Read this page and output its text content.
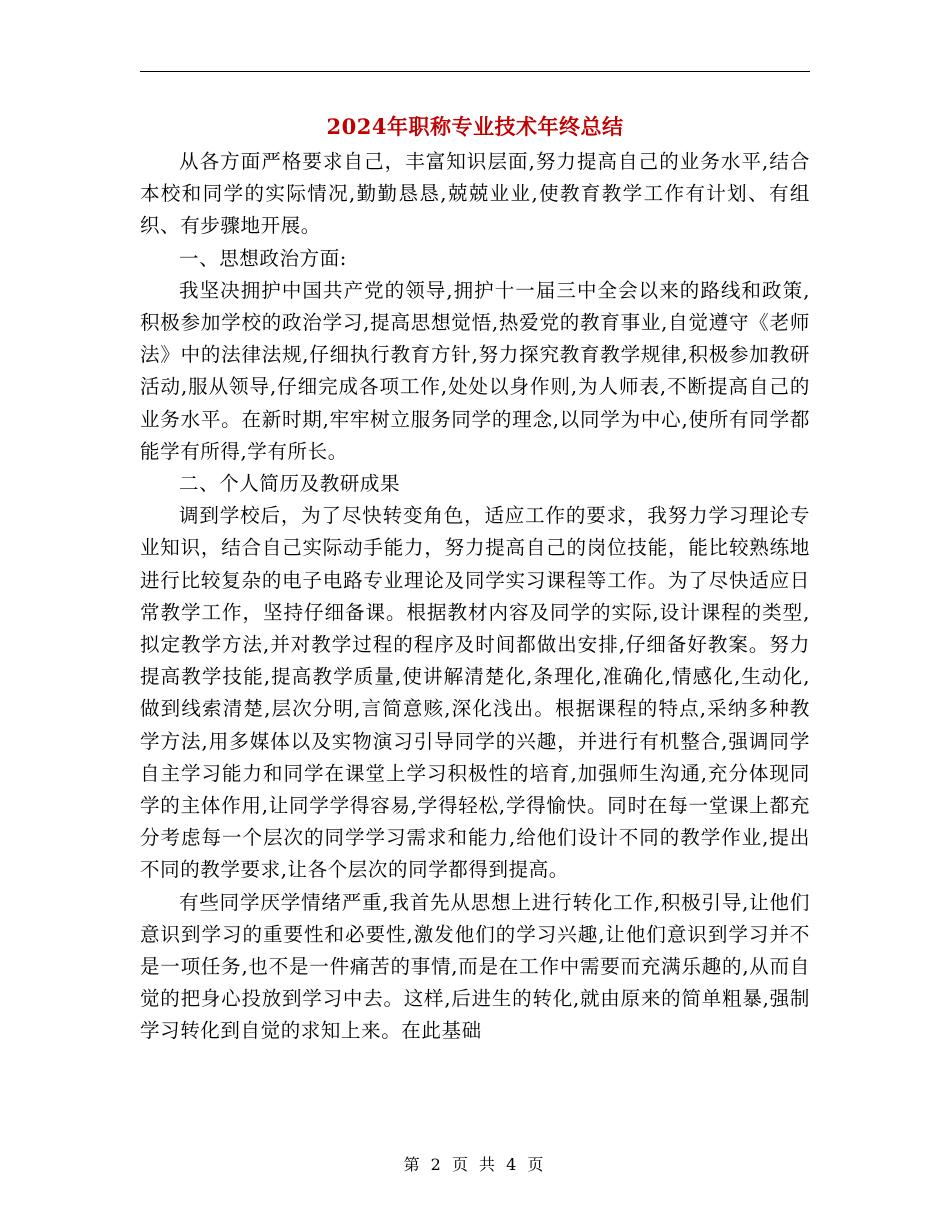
2024年职称专业技术年终总结

从各方面严格要求自己，丰富知识层面,努力提高自己的业务水平,结合本校和同学的实际情况,勤勤恳恳,兢兢业业,使教育教学工作有计划、有组织、有步骤地开展。

一、思想政治方面:

我坚决拥护中国共产党的领导,拥护十一届三中全会以来的路线和政策,积极参加学校的政治学习,提高思想觉悟,热爱党的教育事业,自觉遵守《老师法》中的法律法规,仔细执行教育方针,努力探究教育教学规律,积极参加教研活动,服从领导,仔细完成各项工作,处处以身作则,为人师表,不断提高自己的业务水平。在新时期,牢牢树立服务同学的理念,以同学为中心,使所有同学都能学有所得,学有所长。

二、个人简历及教研成果

调到学校后，为了尽快转变角色，适应工作的要求，我努力学习理论专业知识，结合自己实际动手能力，努力提高自己的岗位技能，能比较熟练地进行比较复杂的电子电路专业理论及同学实习课程等工作。为了尽快适应日常教学工作，坚持仔细备课。根据教材内容及同学的实际,设计课程的类型,拟定教学方法,并对教学过程的程序及时间都做出安排,仔细备好教案。努力提高教学技能,提高教学质量,使讲解清楚化,条理化,准确化,情感化,生动化,做到线索清楚,层次分明,言简意赅,深化浅出。根据课程的特点,采纳多种教学方法,用多媒体以及实物演习引导同学的兴趣，并进行有机整合,强调同学自主学习能力和同学在课堂上学习积极性的培育,加强师生沟通,充分体现同学的主体作用,让同学学得容易,学得轻松,学得愉快。同时在每一堂课上都充分考虑每一个层次的同学学习需求和能力,给他们设计不同的教学作业,提出不同的教学要求,让各个层次的同学都得到提高。

有些同学厌学情绪严重,我首先从思想上进行转化工作,积极引导,让他们意识到学习的重要性和必要性,激发他们的学习兴趣,让他们意识到学习并不是一项任务,也不是一件痛苦的事情,而是在工作中需要而充满乐趣的,从而自觉的把身心投放到学习中去。这样,后进生的转化,就由原来的简单粗暴,强制学习转化到自觉的求知上来。在此基础

第 2 页 共 4 页
